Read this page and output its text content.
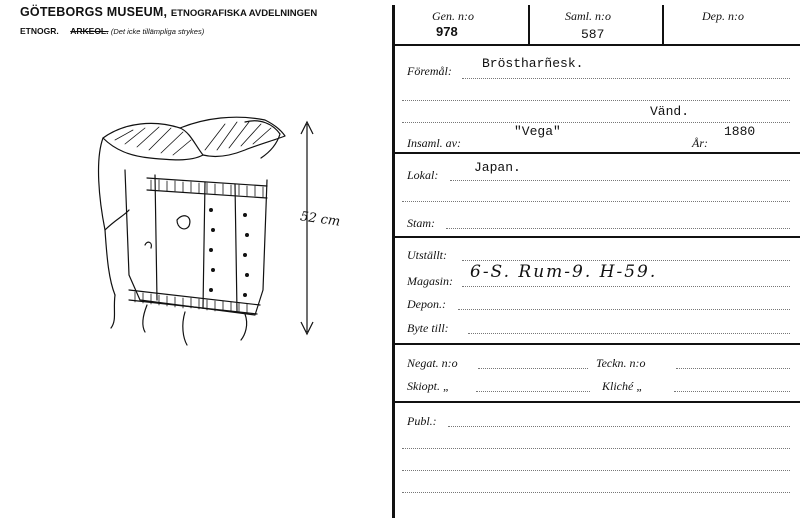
GÖTEBORGS MUSEUM, ETNOGRAFISKA AVDELNINGEN
ETNOGR. ARKEOL. (Det icke tillämpliga strykes)
52 cm
Gen. n:o
978
Saml. n:o
587
Dep. n:o
Föremål: Bröstharñesk.
Vänd.
Insaml. av:
"Vega"
År:
1880
Lokal:	Japan.
Stam:
Utställt:
Magasin: 6-S. Rum-9. H-59.
Depon.:
Byte till:
Negat. n:o	Teckn. n:o
Skiopt. „	Kliché „
Publ.:
